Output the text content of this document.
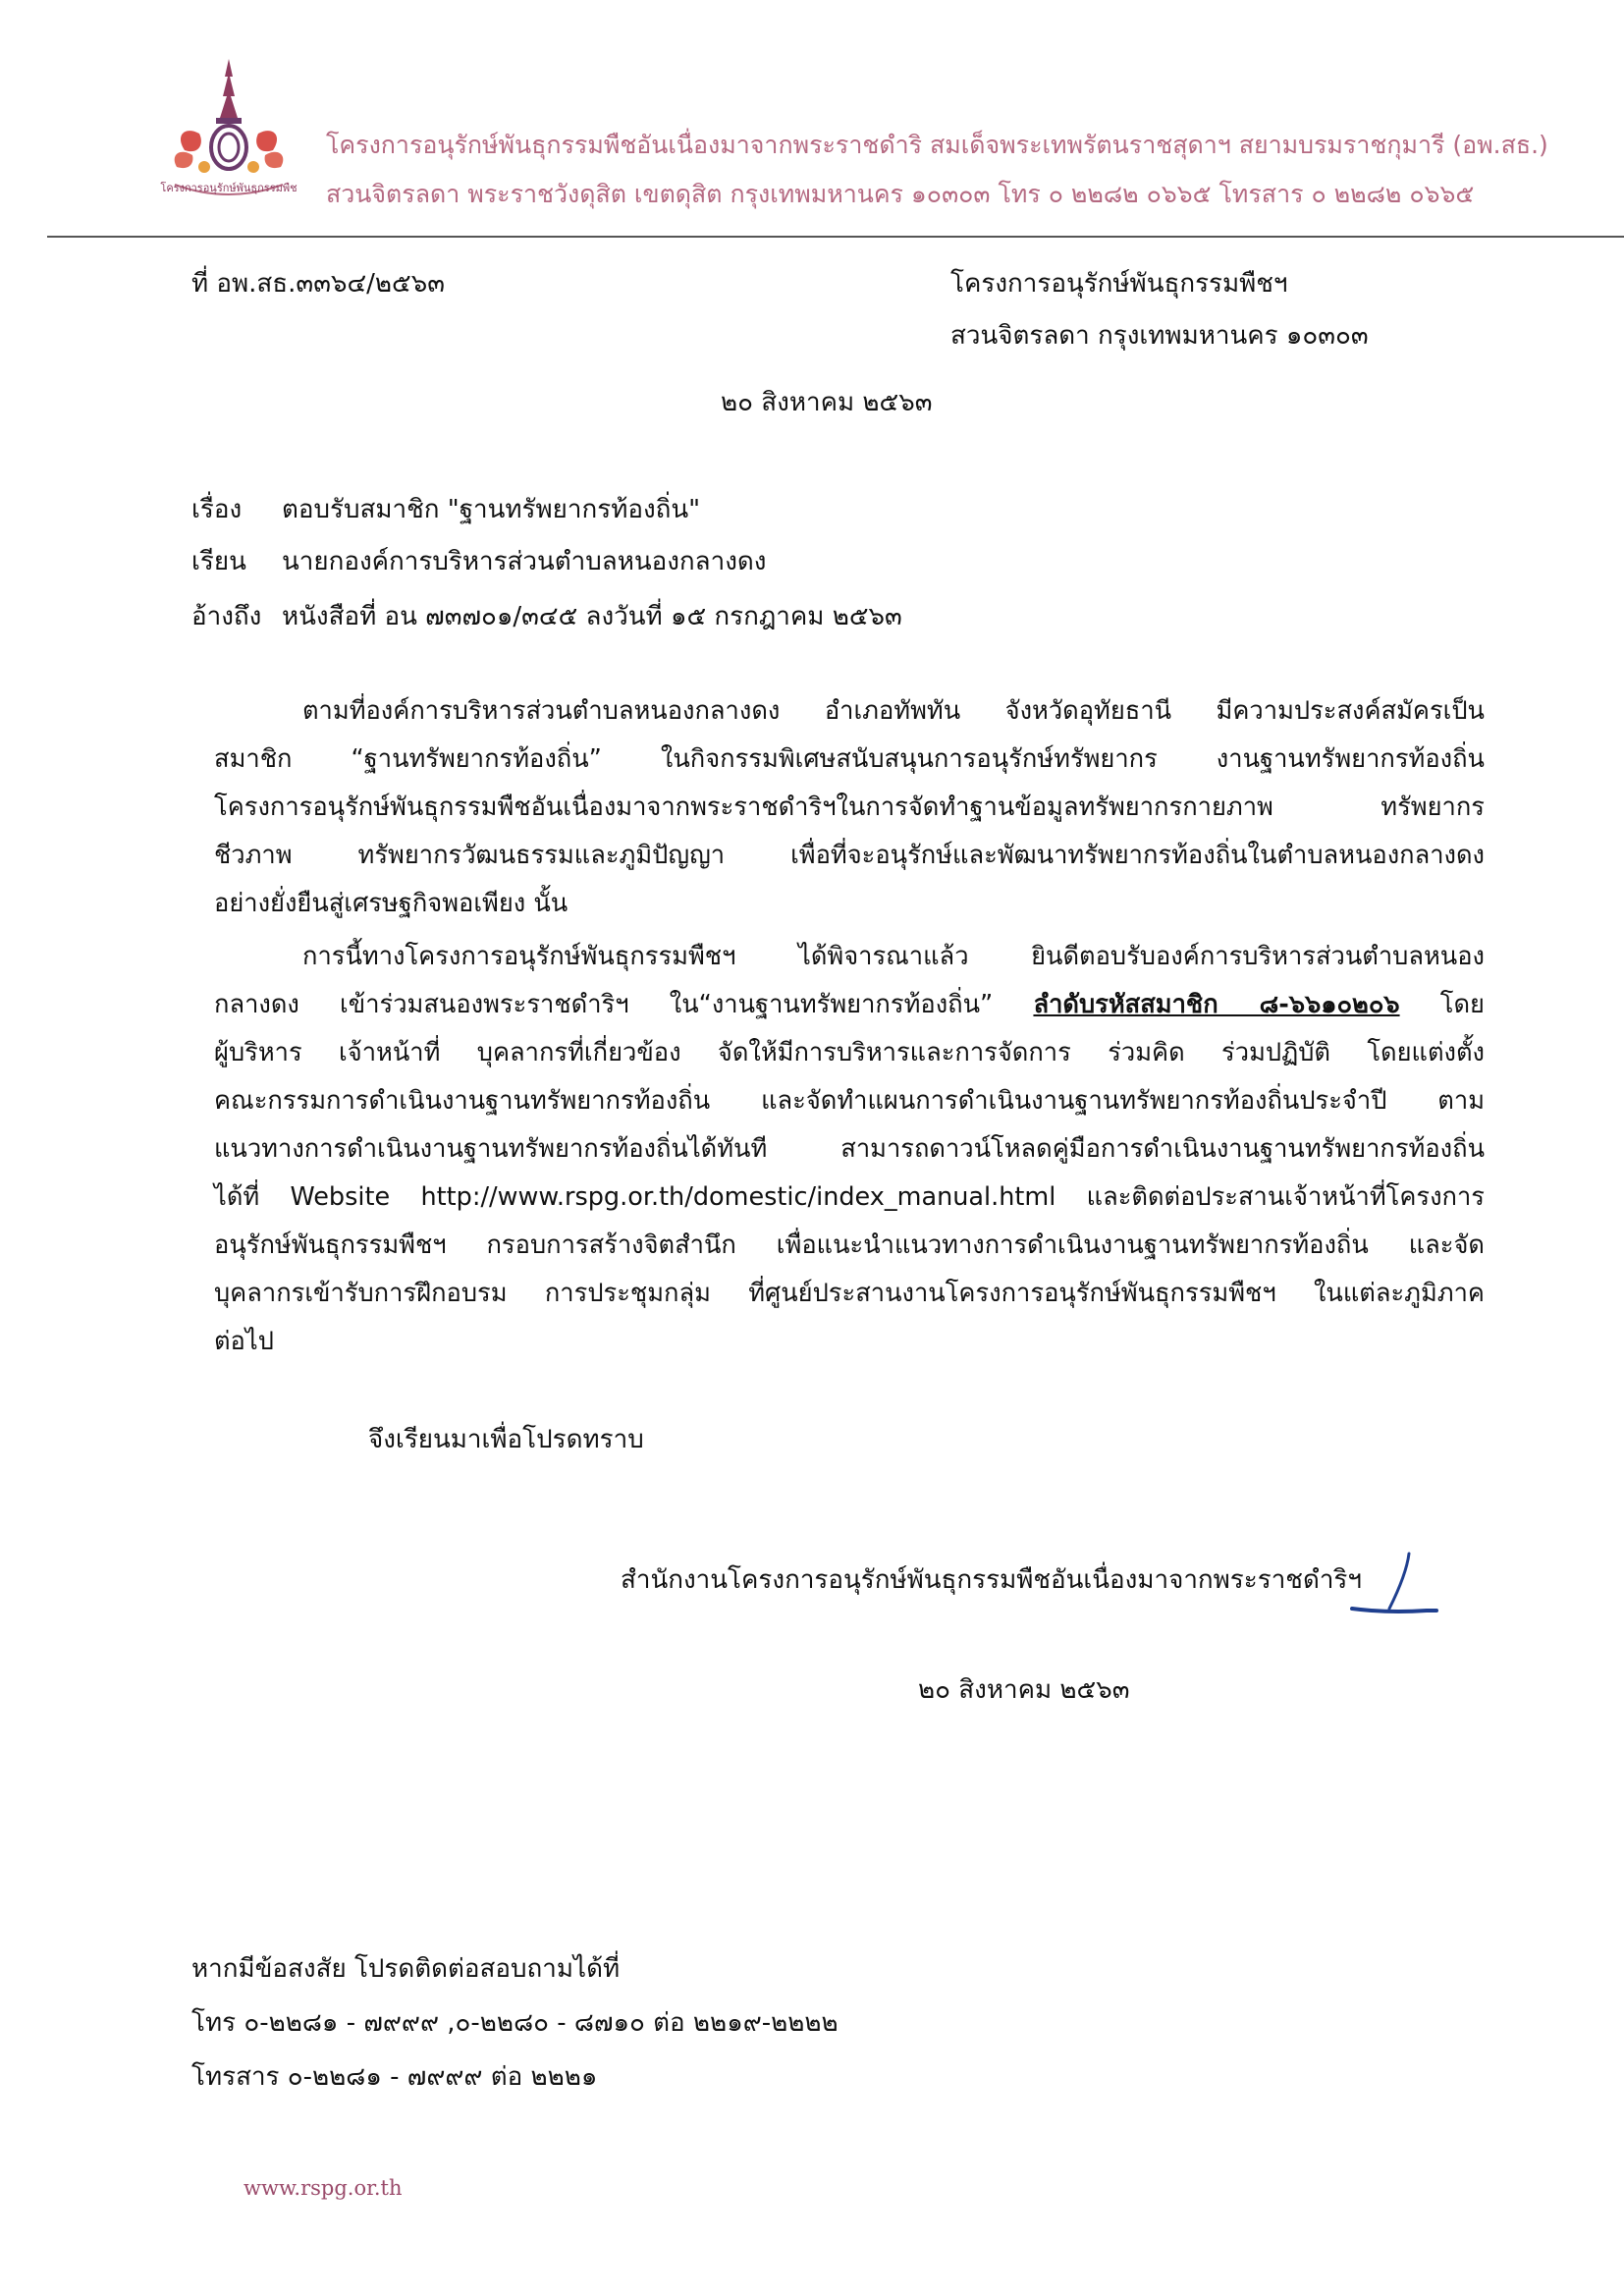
โครงการอนุรักษ์พันธุกรรมพืช
โครงการอนุรักษ์พันธุกรรมพืชอันเนื่องมาจากพระราชดำริ สมเด็จพระเทพรัตนราชสุดาฯ สยามบรมราชกุมารี (อพ.สธ.)
สวนจิตรลดา พระราชวังดุสิต เขตดุสิต กรุงเทพมหานคร ๑๐๓๐๓ โทร ๐ ๒๒๘๒ ๐๖๖๕ โทรสาร ๐ ๒๒๘๒ ๐๖๖๕
ที่ อพ.สธ.๓๓๖๔/๒๕๖๓	โครงการอนุรักษ์พันธุกรรมพืชฯ
สวนจิตรลดา กรุงเทพมหานคร ๑๐๓๐๓
๒๐ สิงหาคม ๒๕๖๓
เรื่อง ตอบรับสมาชิก "ฐานทรัพยากรท้องถิ่น"
เรียน นายกองค์การบริหารส่วนตำบลหนองกลางดง
อ้างถึง หนังสือที่ อน ๗๓๗๐๑/๓๔๕ ลงวันที่ ๑๕ กรกฎาคม ๒๕๖๓

ตามที่องค์การบริหารส่วนตำบลหนองกลางดง อำเภอทัพทัน จังหวัดอุทัยธานี มีความประสงค์สมัครเป็น

สมาชิก “ฐานทรัพยากรท้องถิ่น” ในกิจกรรมพิเศษสนับสนุนการอนุรักษ์ทรัพยากร งานฐานทรัพยากรท้องถิ่น

โครงการอนุรักษ์พันธุกรรมพืชอันเนื่องมาจากพระราชดำริฯในการจัดทำฐานข้อมูลทรัพยากรกายภาพ ทรัพยากร

ชีวภาพ ทรัพยากรวัฒนธรรมและภูมิปัญญา เพื่อที่จะอนุรักษ์และพัฒนาทรัพยากรท้องถิ่นในตำบลหนองกลางดง

อย่างยั่งยืนสู่เศรษฐกิจพอเพียง นั้น

การนี้ทางโครงการอนุรักษ์พันธุกรรมพืชฯ ได้พิจารณาแล้ว ยินดีตอบรับองค์การบริหารส่วนตำบลหนอง

กลางดง เข้าร่วมสนองพระราชดำริฯ ใน“งานฐานทรัพยากรท้องถิ่น” ลำดับรหัสสมาชิก ๘-๖๖๑๐๒๐๖ โดย

ผู้บริหาร เจ้าหน้าที่ บุคลากรที่เกี่ยวข้อง จัดให้มีการบริหารและการจัดการ ร่วมคิด ร่วมปฏิบัติ โดยแต่งตั้ง

คณะกรรมการดำเนินงานฐานทรัพยากรท้องถิ่น และจัดทำแผนการดำเนินงานฐานทรัพยากรท้องถิ่นประจำปี ตาม

แนวทางการดำเนินงานฐานทรัพยากรท้องถิ่นได้ทันที สามารถดาวน์โหลดคู่มือการดำเนินงานฐานทรัพยากรท้องถิ่น

ได้ที่ Website http://www.rspg.or.th/domestic/index_manual.html และติดต่อประสานเจ้าหน้าที่โครงการ

อนุรักษ์พันธุกรรมพืชฯ กรอบการสร้างจิตสำนึก เพื่อแนะนำแนวทางการดำเนินงานฐานทรัพยากรท้องถิ่น และจัด

บุคลากรเข้ารับการฝึกอบรม การประชุมกลุ่ม ที่ศูนย์ประสานงานโครงการอนุรักษ์พันธุกรรมพืชฯ ในแต่ละภูมิภาค

ต่อไป

จึงเรียนมาเพื่อโปรดทราบ
สำนักงานโครงการอนุรักษ์พันธุกรรมพืชอันเนื่องมาจากพระราชดำริฯ
๒๐ สิงหาคม ๒๕๖๓
หากมีข้อสงสัย โปรดติดต่อสอบถามได้ที่
โทร ๐-๒๒๘๑ - ๗๙๙๙ ,๐-๒๒๘๐ - ๘๗๑๐ ต่อ ๒๒๑๙-๒๒๒๒
โทรสาร ๐-๒๒๘๑ - ๗๙๙๙ ต่อ ๒๒๒๑
www.rspg.or.th
